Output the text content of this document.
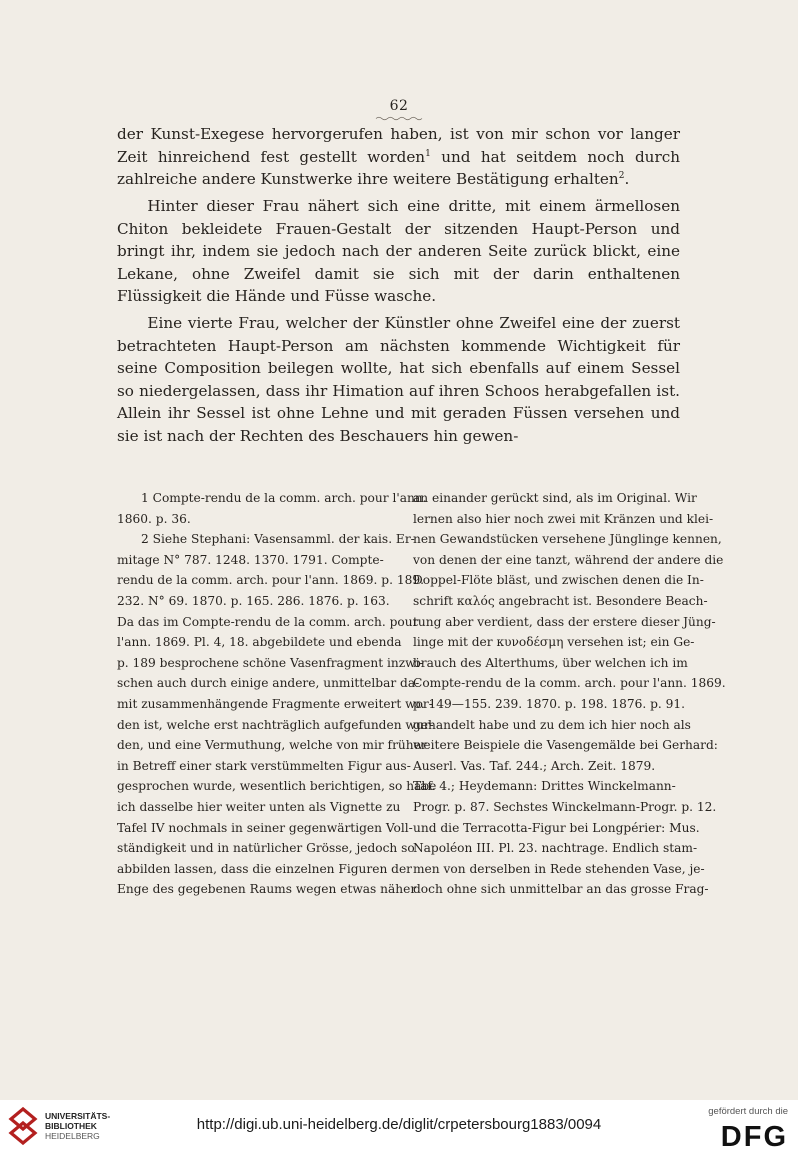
62

der Kunst-Exegese hervorgerufen haben, ist von mir schon vor langer Zeit hinreichend fest gestellt worden$^1$ und hat seitdem noch durch zahlreiche andere Kunstwerke ihre weitere Bestätigung erhalten$^2$.

Hinter dieser Frau nähert sich eine dritte, mit einem ärmellosen Chiton bekleidete Frauen-Gestalt der sitzenden Haupt-Person und bringt ihr, indem sie jedoch nach der anderen Seite zurück blickt, eine Lekane, ohne Zweifel damit sie sich mit der darin enthaltenen Flüssigkeit die Hände und Füsse wasche.

Eine vierte Frau, welcher der Künstler ohne Zweifel eine der zuerst betrachteten Haupt-Person am nächsten kommende Wichtigkeit für seine Composition beilegen wollte, hat sich ebenfalls auf einem Sessel so niedergelassen, dass ihr Himation auf ihren Schoos herabgefallen ist. Allein ihr Sessel ist ohne Lehne und mit geraden Füssen versehen und sie ist nach der Rechten des Beschauers hin gewen-

1 Compte-rendu de la comm. arch. pour l'ann.
1860. p. 36.
2 Siehe Stephani: Vasensamml. der kais. Er-
mitage N° 787. 1248. 1370. 1791. Compte-
rendu de la comm. arch. pour l'ann. 1869. p. 189.
232. N° 69. 1870. p. 165. 286. 1876. p. 163.
Da das im Compte-rendu de la comm. arch. pour
l'ann. 1869. Pl. 4, 18. abgebildete und ebenda
p. 189 besprochene schöne Vasenfragment inzwi-
schen auch durch einige andere, unmittelbar da-
mit zusammenhängende Fragmente erweitert wor-
den ist, welche erst nachträglich aufgefunden wur-
den, und eine Vermuthung, welche von mir früher
in Betreff einer stark verstümmelten Figur aus-
gesprochen wurde, wesentlich berichtigen, so habe
ich dasselbe hier weiter unten als Vignette zu
Tafel IV nochmals in seiner gegenwärtigen Voll-
ständigkeit und in natürlicher Grösse, jedoch so
abbilden lassen, dass die einzelnen Figuren der
Enge des gegebenen Raums wegen etwas näher
an einander gerückt sind, als im Original. Wir
lernen also hier noch zwei mit Kränzen und klei-
nen Gewandstücken versehene Jünglinge kennen,
von denen der eine tanzt, während der andere die
Doppel-Flöte bläst, und zwischen denen die In-
schrift καλός angebracht ist. Besondere Beach-
tung aber verdient, dass der erstere dieser Jüng-
linge mit der κυνοδέσμη versehen ist; ein Ge-
brauch des Alterthums, über welchen ich im
Compte-rendu de la comm. arch. pour l'ann. 1869.
p. 149—155. 239. 1870. p. 198. 1876. p. 91.
gehandelt habe und zu dem ich hier noch als
weitere Beispiele die Vasengemälde bei Gerhard:
Auserl. Vas. Taf. 244.; Arch. Zeit. 1879.
Taf. 4.; Heydemann: Drittes Winckelmann-
Progr. p. 87. Sechstes Winckelmann-Progr. p. 12.
und die Terracotta-Figur bei Longpérier: Mus.
Napoléon III. Pl. 23. nachtrage. Endlich stam-
men von derselben in Rede stehenden Vase, je-
doch ohne sich unmittelbar an das grosse Frag-
UNIVERSITÄTS-
BIBLIOTHEK
HEIDELBERG
http://digi.ub.uni-heidelberg.de/diglit/crpetersbourg1883/0094
gefördert durch die
DFG
